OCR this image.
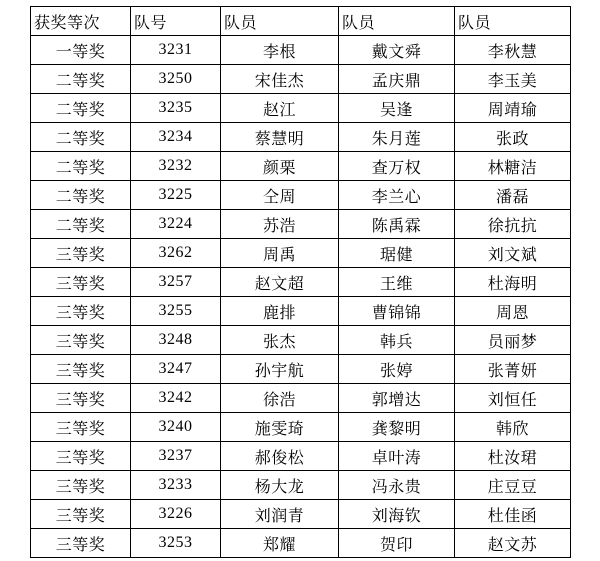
获奖等次	队号	队员	队员	队员
一等奖	3231	李根	戴文舜	李秋慧
二等奖	3250	宋佳杰	孟庆鼎	李玉美
二等奖	3235	赵江	吴逢	周靖瑜
二等奖	3234	蔡慧明	朱月莲	张政
二等奖	3232	颜栗	查万权	林糖洁
二等奖	3225	仝周	李兰心	潘磊
二等奖	3224	苏浩	陈禹霖	徐抗抗
三等奖	3262	周禹	琚健	刘文斌
三等奖	3257	赵文超	王维	杜海明
三等奖	3255	鹿排	曹锦锦	周恩
三等奖	3248	张杰	韩兵	员丽梦
三等奖	3247	孙宇航	张婷	张菁妍
三等奖	3242	徐浩	郭增达	刘恒任
三等奖	3240	施雯琦	龚黎明	韩欣
三等奖	3237	郝俊松	卓叶涛	杜汝珺
三等奖	3233	杨大龙	冯永贵	庄豆豆
三等奖	3226	刘润青	刘海钦	杜佳函
三等奖	3253	郑耀	贺印	赵文苏
